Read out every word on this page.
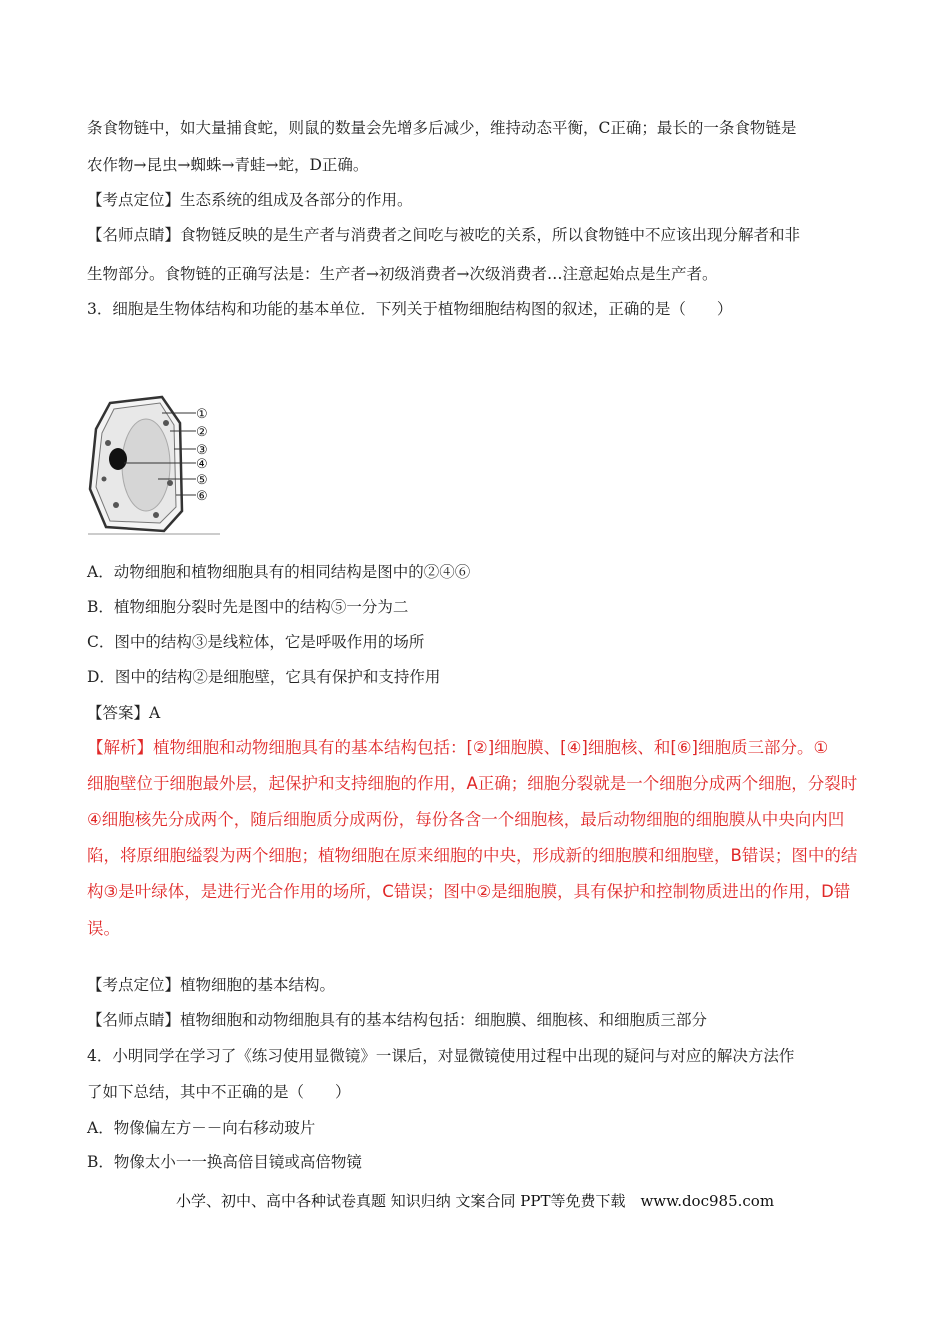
条食物链中，如大量捕食蛇，则鼠的数量会先增多后减少，维持动态平衡，C正确；最长的一条食物链是
农作物→昆虫→蜘蛛→青蛙→蛇，D正确。
【考点定位】生态系统的组成及各部分的作用。
【名师点睛】食物链反映的是生产者与消费者之间吃与被吃的关系，所以食物链中不应该出现分解者和非
生物部分。食物链的正确写法是：生产者→初级消费者→次级消费者…注意起始点是生产者。
3．细胞是生物体结构和功能的基本单位．下列关于植物细胞结构图的叙述，正确的是（　　）
①
②
③
④
⑤
⑥
A．动物细胞和植物细胞具有的相同结构是图中的②④⑥
B．植物细胞分裂时先是图中的结构⑤一分为二
C．图中的结构③是线粒体，它是呼吸作用的场所
D．图中的结构②是细胞壁，它具有保护和支持作用
【答案】A
【解析】植物细胞和动物细胞具有的基本结构包括：[②]细胞膜、[④]细胞核、和[⑥]细胞质三部分。①
细胞壁位于细胞最外层，起保护和支持细胞的作用，A正确；细胞分裂就是一个细胞分成两个细胞，分裂时
④细胞核先分成两个，随后细胞质分成两份，每份各含一个细胞核，最后动物细胞的细胞膜从中央向内凹
陷，将原细胞缢裂为两个细胞；植物细胞在原来细胞的中央，形成新的细胞膜和细胞壁，B错误；图中的结
构③是叶绿体，是进行光合作用的场所，C错误；图中②是细胞膜，具有保护和控制物质进出的作用，D错
误。
【考点定位】植物细胞的基本结构。
【名师点睛】植物细胞和动物细胞具有的基本结构包括：细胞膜、细胞核、和细胞质三部分
4．小明同学在学习了《练习使用显微镜》一课后，对显微镜使用过程中出现的疑问与对应的解决方法作
了如下总结，其中不正确的是（　　）
A．物像偏左方－－向右移动玻片
B．物像太小一一换高倍目镜或高倍物镜
小学、初中、高中各种试卷真题 知识归纳 文案合同 PPT等免费下载　www.doc985.com
